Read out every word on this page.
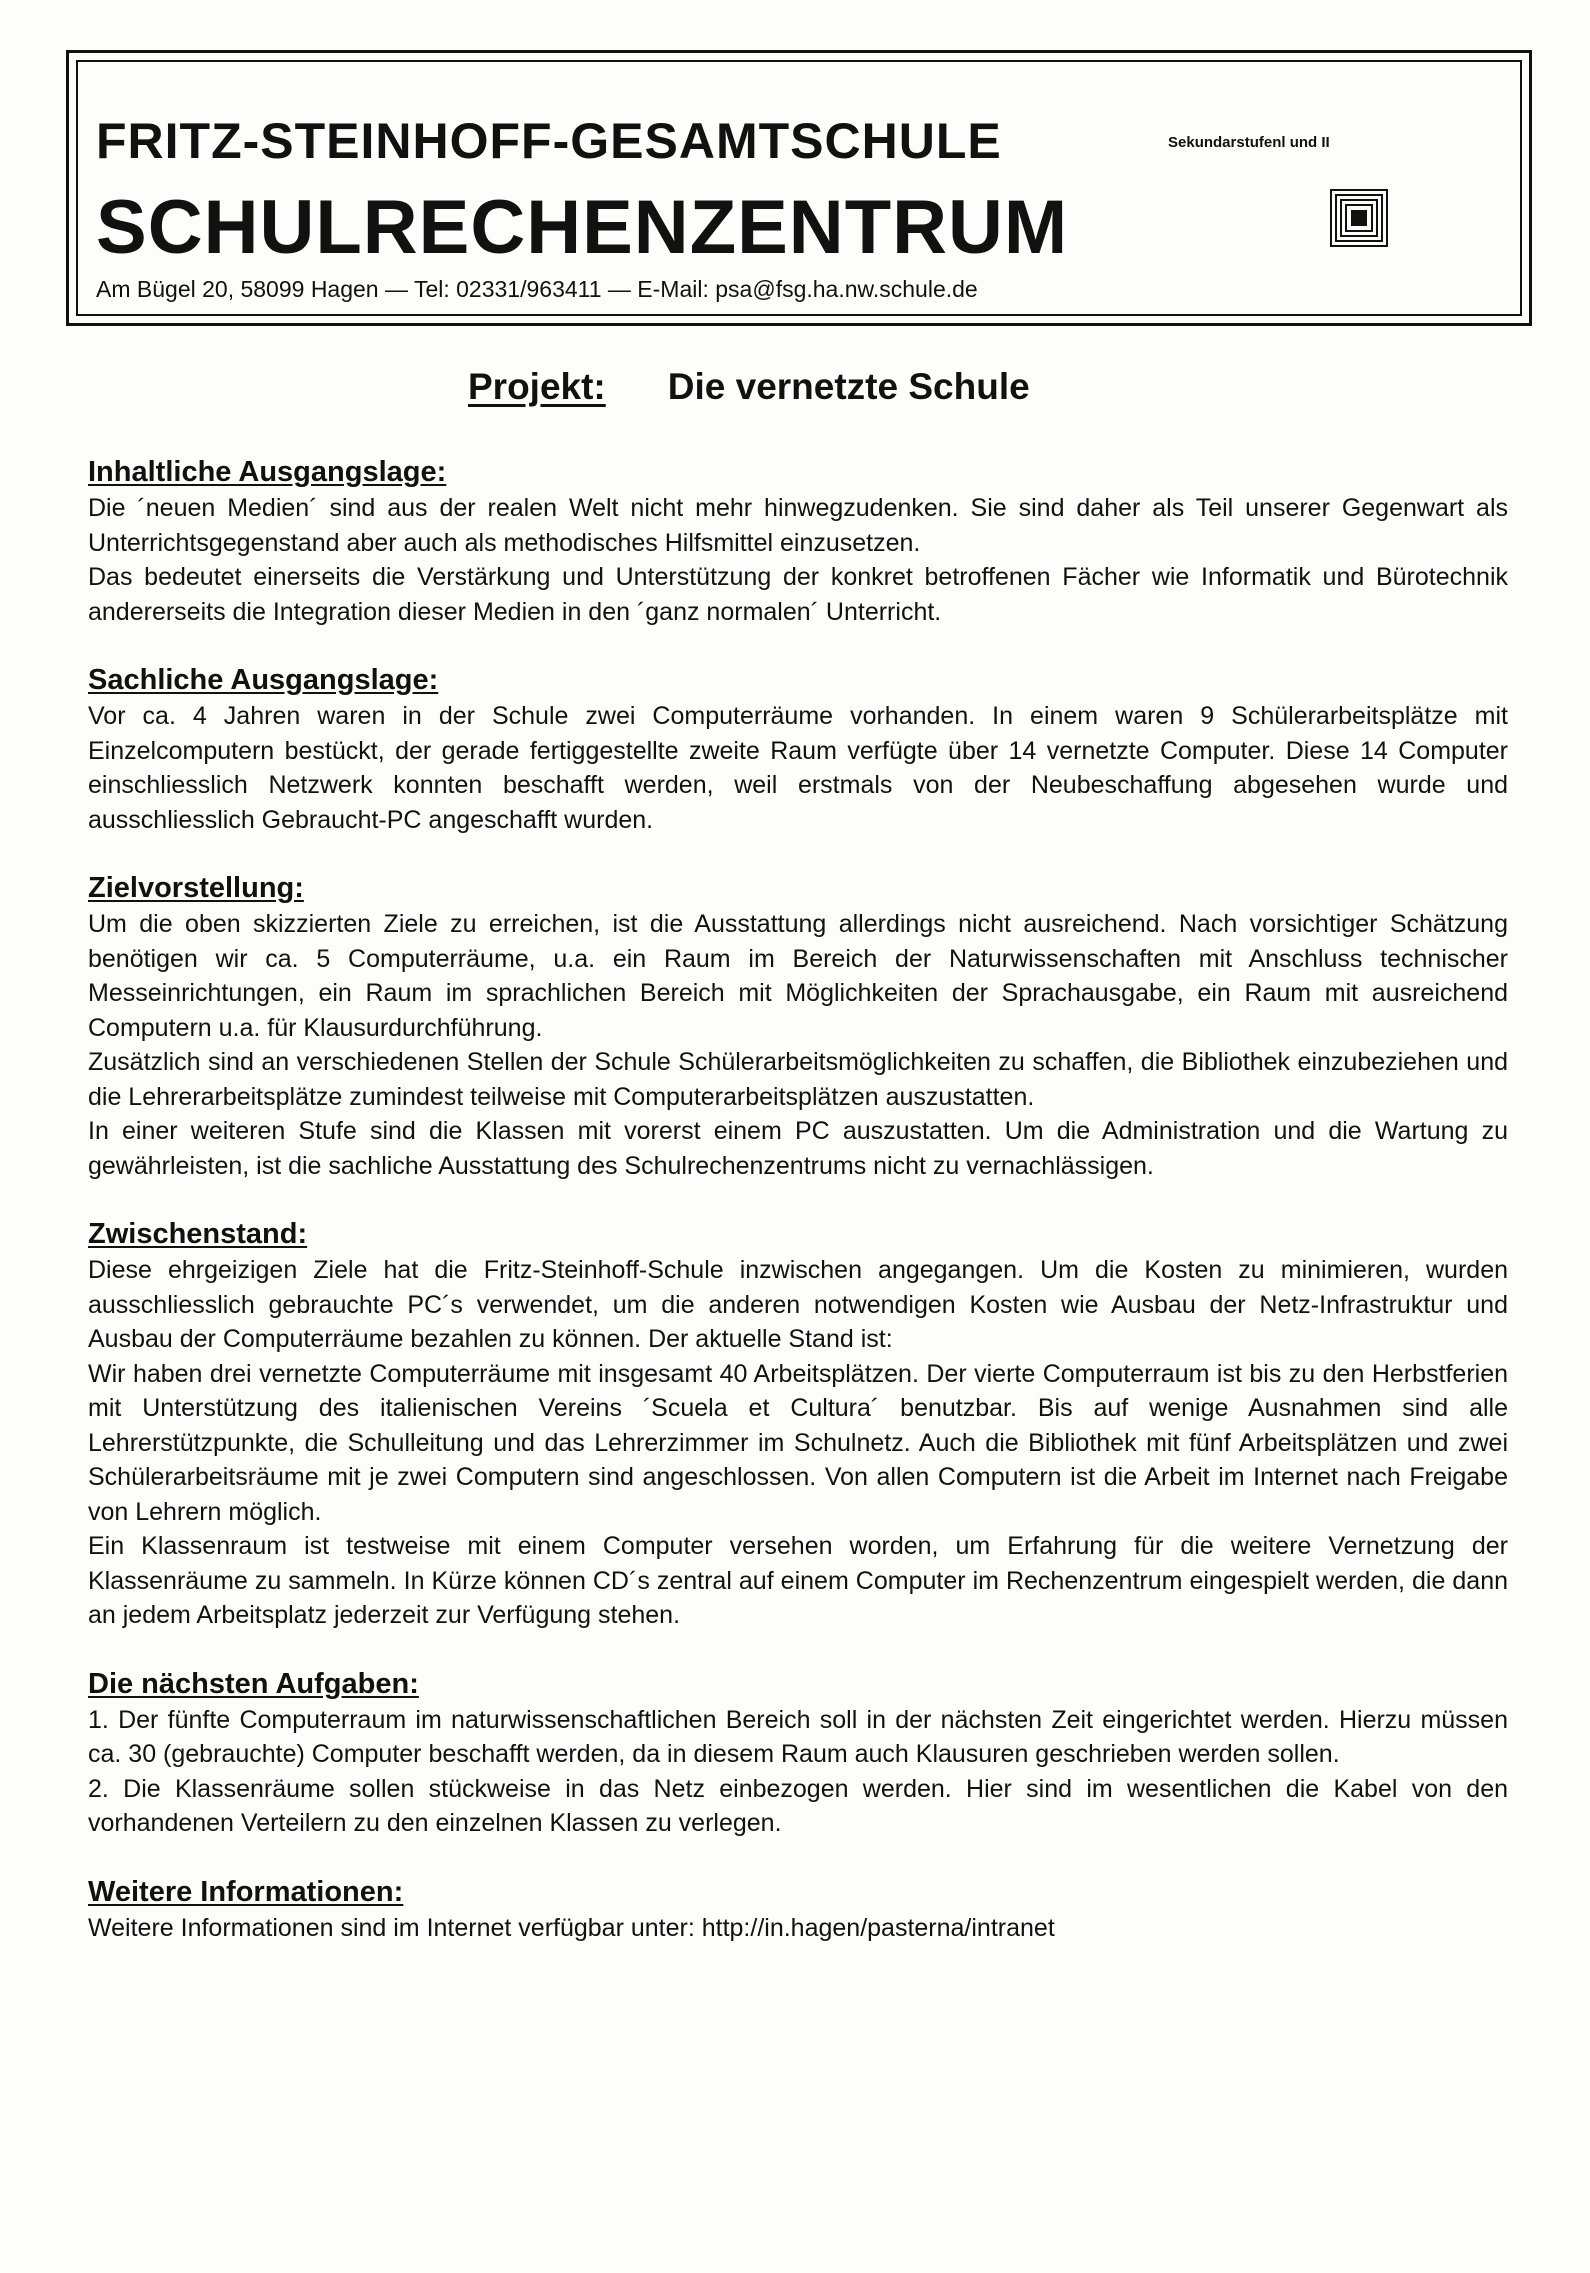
FRITZ-STEINHOFF-GESAMTSCHULE	Sekundarstufenl und II
SCHULRECHENZENTRUM
Am Bügel 20, 58099 Hagen — Tel: 02331/963411 — E-Mail: psa@fsg.ha.nw.schule.de
Projekt: Die vernetzte Schule
Inhaltliche Ausgangslage:

Die ´neuen Medien´ sind aus der realen Welt nicht mehr hinwegzudenken. Sie sind daher als Teil unserer Gegenwart als Unterrichtsgegenstand aber auch als methodisches Hilfsmittel einzusetzen.

Das bedeutet einerseits die Verstärkung und Unterstützung der konkret betroffenen Fächer wie Informatik und Bürotechnik andererseits die Integration dieser Medien in den ´ganz normalen´ Unterricht.

Sachliche Ausgangslage:

Vor ca. 4 Jahren waren in der Schule zwei Computerräume vorhanden. In einem waren 9 Schülerarbeitsplätze mit Einzelcomputern bestückt, der gerade fertiggestellte zweite Raum verfügte über 14 vernetzte Computer. Diese 14 Computer einschliesslich Netzwerk konnten beschafft werden, weil erstmals von der Neubeschaffung abgesehen wurde und ausschliesslich Gebraucht-PC angeschafft wurden.

Zielvorstellung:

Um die oben skizzierten Ziele zu erreichen, ist die Ausstattung allerdings nicht ausreichend. Nach vorsichtiger Schätzung benötigen wir ca. 5 Computerräume, u.a. ein Raum im Bereich der Naturwissenschaften mit Anschluss technischer Messeinrichtungen, ein Raum im sprachlichen Bereich mit Möglichkeiten der Sprachausgabe, ein Raum mit ausreichend Computern u.a. für Klausurdurchführung.

Zusätzlich sind an verschiedenen Stellen der Schule Schülerarbeitsmöglichkeiten zu schaffen, die Bibliothek einzubeziehen und die Lehrerarbeitsplätze zumindest teilweise mit Computerarbeitsplätzen auszustatten.

In einer weiteren Stufe sind die Klassen mit vorerst einem PC auszustatten. Um die Administration und die Wartung zu gewährleisten, ist die sachliche Ausstattung des Schulrechenzentrums nicht zu vernachlässigen.

Zwischenstand:

Diese ehrgeizigen Ziele hat die Fritz-Steinhoff-Schule inzwischen angegangen. Um die Kosten zu minimieren, wurden ausschliesslich gebrauchte PC´s verwendet, um die anderen notwendigen Kosten wie Ausbau der Netz-Infrastruktur und Ausbau der Computerräume bezahlen zu können. Der aktuelle Stand ist:

Wir haben drei vernetzte Computerräume mit insgesamt 40 Arbeitsplätzen. Der vierte Computerraum ist bis zu den Herbstferien mit Unterstützung des italienischen Vereins ´Scuela et Cultura´ benutzbar. Bis auf wenige Ausnahmen sind alle Lehrerstützpunkte, die Schulleitung und das Lehrerzimmer im Schulnetz. Auch die Bibliothek mit fünf Arbeitsplätzen und zwei Schülerarbeitsräume mit je zwei Computern sind angeschlossen. Von allen Computern ist die Arbeit im Internet nach Freigabe von Lehrern möglich.

Ein Klassenraum ist testweise mit einem Computer versehen worden, um Erfahrung für die weitere Vernetzung der Klassenräume zu sammeln. In Kürze können CD´s zentral auf einem Computer im Rechenzentrum eingespielt werden, die dann an jedem Arbeitsplatz jederzeit zur Verfügung stehen.

Die nächsten Aufgaben:

1. Der fünfte Computerraum im naturwissenschaftlichen Bereich soll in der nächsten Zeit eingerichtet werden. Hierzu müssen ca. 30 (gebrauchte) Computer beschafft werden, da in diesem Raum auch Klausuren geschrieben werden sollen.

2. Die Klassenräume sollen stückweise in das Netz einbezogen werden. Hier sind im wesentlichen die Kabel von den vorhandenen Verteilern zu den einzelnen Klassen zu verlegen.

Weitere Informationen:

Weitere Informationen sind im Internet verfügbar unter: http://in.hagen/pasterna/intranet
